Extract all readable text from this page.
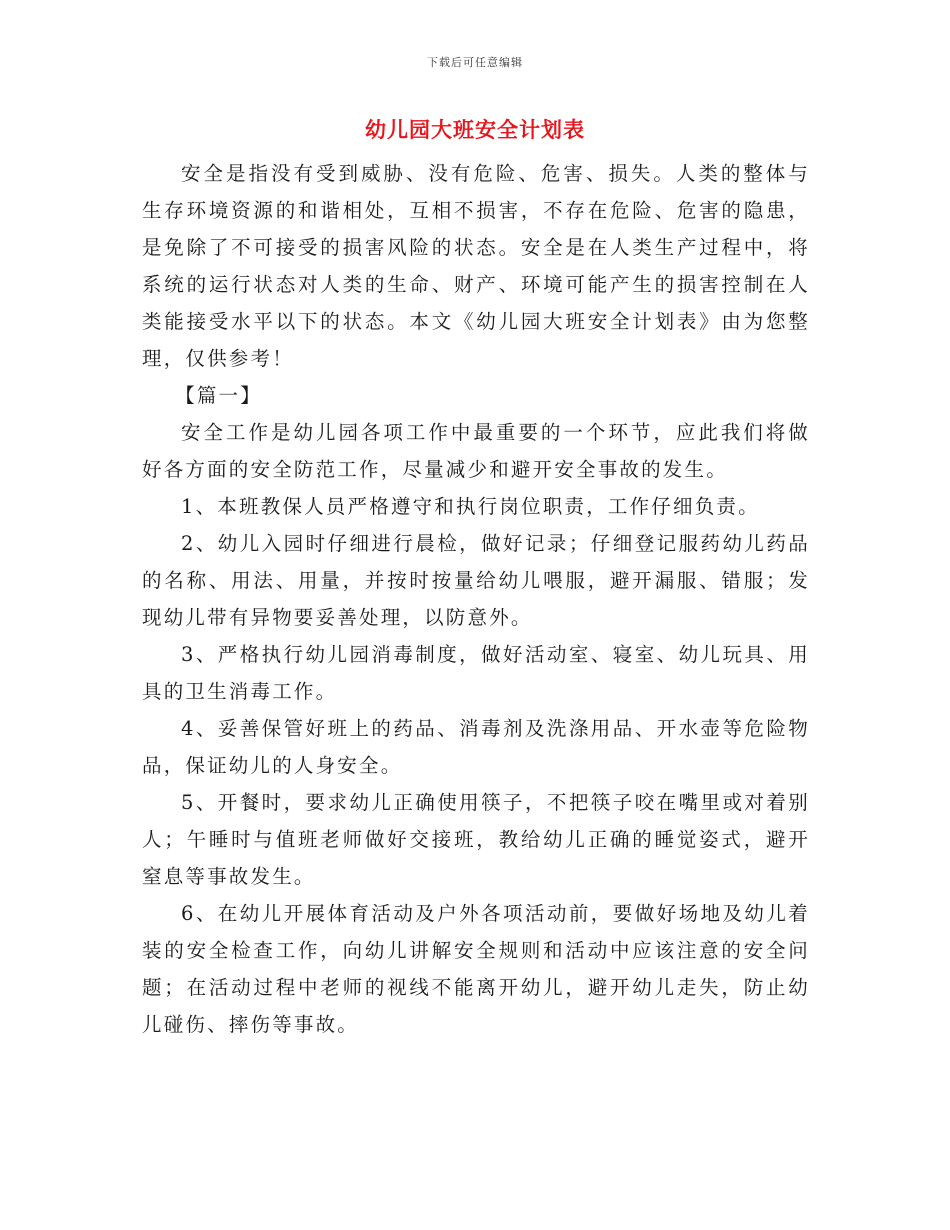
下载后可任意编辑
幼儿园大班安全计划表

安全是指没有受到威胁、没有危险、危害、损失。人类的整体与生存环境资源的和谐相处，互相不损害，不存在危险、危害的隐患，是免除了不可接受的损害风险的状态。安全是在人类生产过程中，将系统的运行状态对人类的生命、财产、环境可能产生的损害控制在人类能接受水平以下的状态。本文《幼儿园大班安全计划表》由为您整理，仅供参考！

【篇一】

安全工作是幼儿园各项工作中最重要的一个环节，应此我们将做好各方面的安全防范工作，尽量减少和避开安全事故的发生。

1、本班教保人员严格遵守和执行岗位职责，工作仔细负责。

2、幼儿入园时仔细进行晨检，做好记录；仔细登记服药幼儿药品的名称、用法、用量，并按时按量给幼儿喂服，避开漏服、错服；发现幼儿带有异物要妥善处理，以防意外。

3、严格执行幼儿园消毒制度，做好活动室、寝室、幼儿玩具、用具的卫生消毒工作。

4、妥善保管好班上的药品、消毒剂及洗涤用品、开水壶等危险物品，保证幼儿的人身安全。

5、开餐时，要求幼儿正确使用筷子，不把筷子咬在嘴里或对着别人；午睡时与值班老师做好交接班，教给幼儿正确的睡觉姿式，避开窒息等事故发生。

6、在幼儿开展体育活动及户外各项活动前，要做好场地及幼儿着装的安全检查工作，向幼儿讲解安全规则和活动中应该注意的安全问题；在活动过程中老师的视线不能离开幼儿，避开幼儿走失，防止幼儿碰伤、摔伤等事故。
